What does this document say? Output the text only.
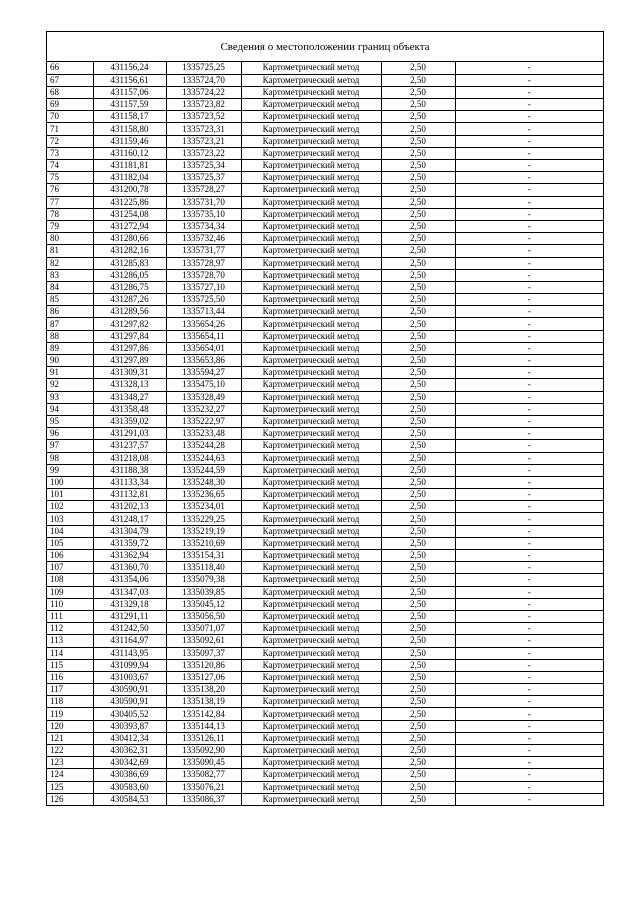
Сведения о местоположении границ объекта
66	431156,24	1335725,25	Картометрический метод	2,50	-
67	431156,61	1335724,70	Картометрический метод	2,50	-
68	431157,06	1335724,22	Картометрический метод	2,50	-
69	431157,59	1335723,82	Картометрический метод	2,50	-
70	431158,17	1335723,52	Картометрический метод	2,50	-
71	431158,80	1335723,31	Картометрический метод	2,50	-
72	431159,46	1335723,21	Картометрический метод	2,50	-
73	431160,12	1335723,22	Картометрический метод	2,50	-
74	431181,81	1335725,34	Картометрический метод	2,50	-
75	431182,04	1335725,37	Картометрический метод	2,50	-
76	431200,78	1335728,27	Картометрический метод	2,50	-
77	431225,86	1335731,70	Картометрический метод	2,50	-
78	431254,08	1335735,10	Картометрический метод	2,50	-
79	431272,94	1335734,34	Картометрический метод	2,50	-
80	431280,66	1335732,46	Картометрический метод	2,50	-
81	431282,16	1335731,77	Картометрический метод	2,50	-
82	431285,83	1335728,97	Картометрический метод	2,50	-
83	431286,05	1335728,70	Картометрический метод	2,50	-
84	431286,75	1335727,10	Картометрический метод	2,50	-
85	431287,26	1335725,50	Картометрический метод	2,50	-
86	431289,56	1335713,44	Картометрический метод	2,50	-
87	431297,82	1335654,26	Картометрический метод	2,50	-
88	431297,84	1335654,11	Картометрический метод	2,50	-
89	431297,86	1335654,01	Картометрический метод	2,50	-
90	431297,89	1335653,86	Картометрический метод	2,50	-
91	431309,31	1335594,27	Картометрический метод	2,50	-
92	431328,13	1335475,10	Картометрический метод	2,50	-
93	431348,27	1335328,49	Картометрический метод	2,50	-
94	431358,48	1335232,27	Картометрический метод	2,50	-
95	431359,02	1335222,97	Картометрический метод	2,50	-
96	431291,03	1335233,48	Картометрический метод	2,50	-
97	431237,57	1335244,28	Картометрический метод	2,50	-
98	431218,08	1335244,63	Картометрический метод	2,50	-
99	431188,38	1335244,59	Картометрический метод	2,50	-
100	431133,34	1335248,30	Картометрический метод	2,50	-
101	431132,81	1335236,65	Картометрический метод	2,50	-
102	431202,13	1335234,01	Картометрический метод	2,50	-
103	431248,17	1335229,25	Картометрический метод	2,50	-
104	431304,79	1335219,19	Картометрический метод	2,50	-
105	431359,72	1335210,69	Картометрический метод	2,50	-
106	431362,94	1335154,31	Картометрический метод	2,50	-
107	431360,70	1335118,40	Картометрический метод	2,50	-
108	431354,06	1335079,38	Картометрический метод	2,50	-
109	431347,03	1335039,85	Картометрический метод	2,50	-
110	431329,18	1335045,12	Картометрический метод	2,50	-
111	431291,11	1335056,50	Картометрический метод	2,50	-
112	431242,50	1335071,07	Картометрический метод	2,50	-
113	431164,97	1335092,61	Картометрический метод	2,50	-
114	431143,95	1335097,37	Картометрический метод	2,50	-
115	431099,94	1335120,86	Картометрический метод	2,50	-
116	431003,67	1335127,06	Картометрический метод	2,50	-
117	430590,91	1335138,20	Картометрический метод	2,50	-
118	430590,91	1335138,19	Картометрический метод	2,50	-
119	430405,52	1335142,84	Картометрический метод	2,50	-
120	430393,87	1335144,13	Картометрический метод	2,50	-
121	430412,34	1335126,11	Картометрический метод	2,50	-
122	430362,31	1335092,90	Картометрический метод	2,50	-
123	430342,69	1335090,45	Картометрический метод	2,50	-
124	430386,69	1335082,77	Картометрический метод	2,50	-
125	430583,60	1335076,21	Картометрический метод	2,50	-
126	430584,53	1335086,37	Картометрический метод	2,50	-
